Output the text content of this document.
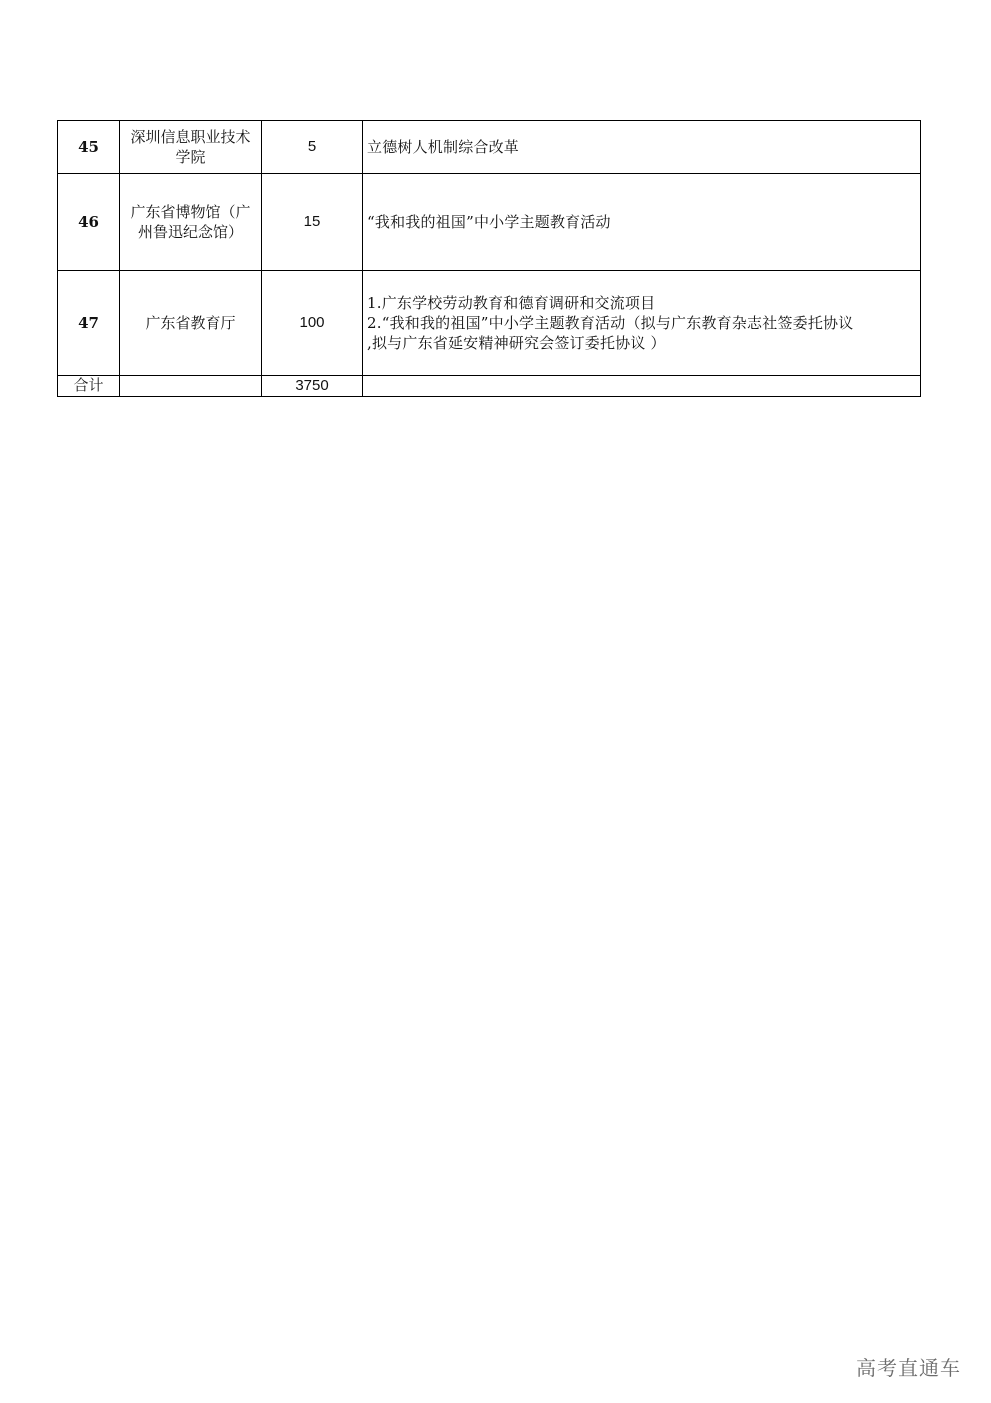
45	深圳信息职业技术学院	5	立德树人机制综合改革

46	广东省博物馆（广州鲁迅纪念馆）	15	“我和我的祖国”中小学主题教育活动

47	广东省教育厅	100	1.广东学校劳动教育和德育调研和交流项目
2.“我和我的祖国”中小学主题教育活动（拟与广东教育杂志社签委托协议
,拟与广东省延安精神研究会签订委托协议 ）

合计		3750	
高考直通车
